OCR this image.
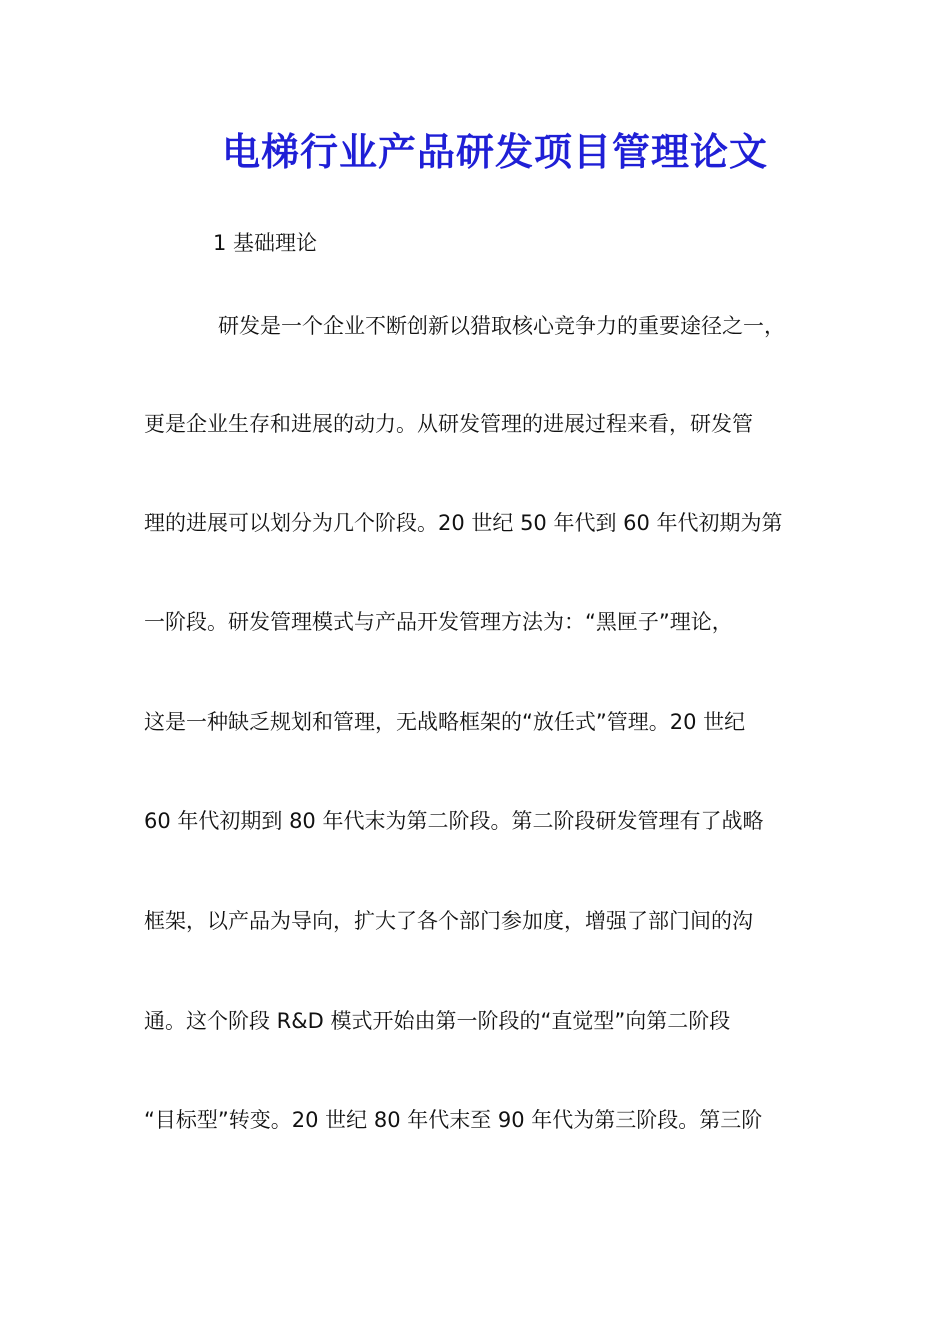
电梯行业产品研发项目管理论文

1 基础理论

研发是一个企业不断创新以猎取核心竞争力的重要途径之一，

更是企业生存和进展的动力。从研发管理的进展过程来看，研发管

理的进展可以划分为几个阶段。20 世纪 50 年代到 60 年代初期为第

一阶段。研发管理模式与产品开发管理方法为：“黑匣子”理论，

这是一种缺乏规划和管理，无战略框架的“放任式”管理。20 世纪

60 年代初期到 80 年代末为第二阶段。第二阶段研发管理有了战略

框架，以产品为导向，扩大了各个部门参加度，增强了部门间的沟

通。这个阶段 R&D 模式开始由第一阶段的“直觉型”向第二阶段

“目标型”转变。20 世纪 80 年代末至 90 年代为第三阶段。第三阶
